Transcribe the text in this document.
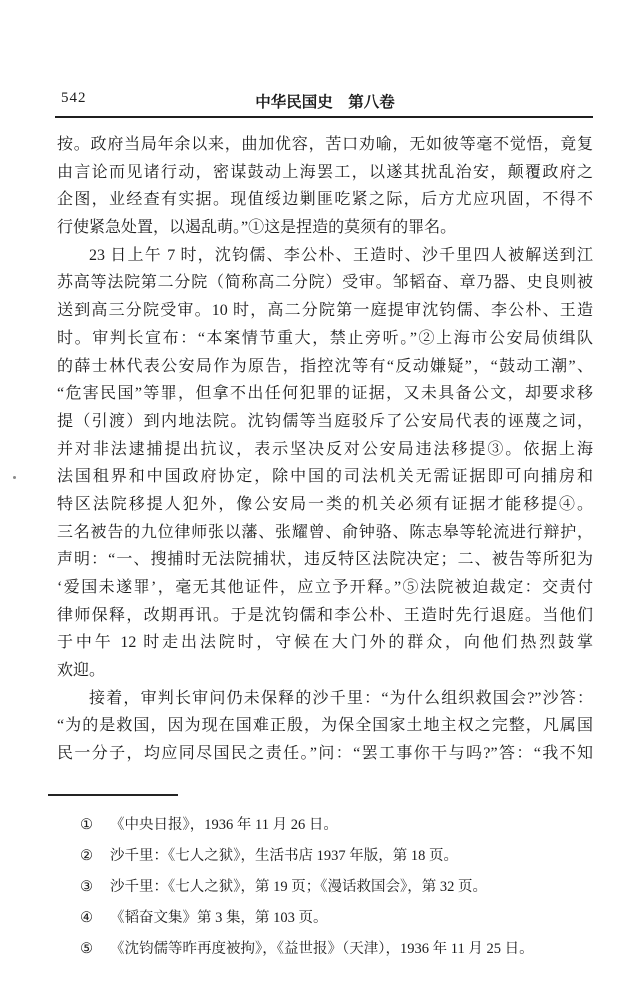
542	中华民国史　第八卷
按。政府当局年余以来，曲加优容，苦口劝喻，无如彼等毫不觉悟，竟复
由言论而见诸行动，密谋鼓动上海罢工，以遂其扰乱治安，颠覆政府之
企图，业经查有实据。现值绥边剿匪吃紧之际，后方尤应巩固，不得不
行使紧急处置，以遏乱萌。”①这是捏造的莫须有的罪名。
23 日上午 7 时，沈钧儒、李公朴、王造时、沙千里四人被解送到江
苏高等法院第二分院（简称高二分院）受审。邹韬奋、章乃器、史良则被
送到高三分院受审。10 时，高二分院第一庭提审沈钧儒、李公朴、王造
时。审判长宣布：“本案情节重大，禁止旁听。”②上海市公安局侦缉队
的薛士林代表公安局作为原告，指控沈等有“反动嫌疑”，“鼓动工潮”、
“危害民国”等罪，但拿不出任何犯罪的证据，又未具备公文，却要求移
提（引渡）到内地法院。沈钧儒等当庭驳斥了公安局代表的诬蔑之词，
并对非法逮捕提出抗议，表示坚决反对公安局违法移提③。依据上海
法国租界和中国政府协定，除中国的司法机关无需证据即可向捕房和
特区法院移提人犯外，像公安局一类的机关必须有证据才能移提④。
三名被告的九位律师张以藩、张耀曾、俞钟骆、陈志皋等轮流进行辩护，
声明：“一、搜捕时无法院捕状，违反特区法院决定；二、被告等所犯为
‘爱国未遂罪’，毫无其他证件，应立予开释。”⑤法院被迫裁定：交责付
律师保释，改期再讯。于是沈钧儒和李公朴、王造时先行退庭。当他们
于中午 12 时走出法院时，守候在大门外的群众，向他们热烈鼓掌
欢迎。
接着，审判长审问仍未保释的沙千里：“为什么组织救国会?”沙答：
“为的是救国，因为现在国难正殷，为保全国家土地主权之完整，凡属国
民一分子，均应同尽国民之责任。”问：“罢工事你干与吗?”答：“我不知
①	《中央日报》，1936 年 11 月 26 日。
②	沙千里：《七人之狱》，生活书店 1937 年版，第 18 页。
③	沙千里：《七人之狱》，第 19 页；《漫话救国会》，第 32 页。
④	《韬奋文集》第 3 集，第 103 页。
⑤	《沈钧儒等昨再度被拘》，《益世报》（天津），1936 年 11 月 25 日。
